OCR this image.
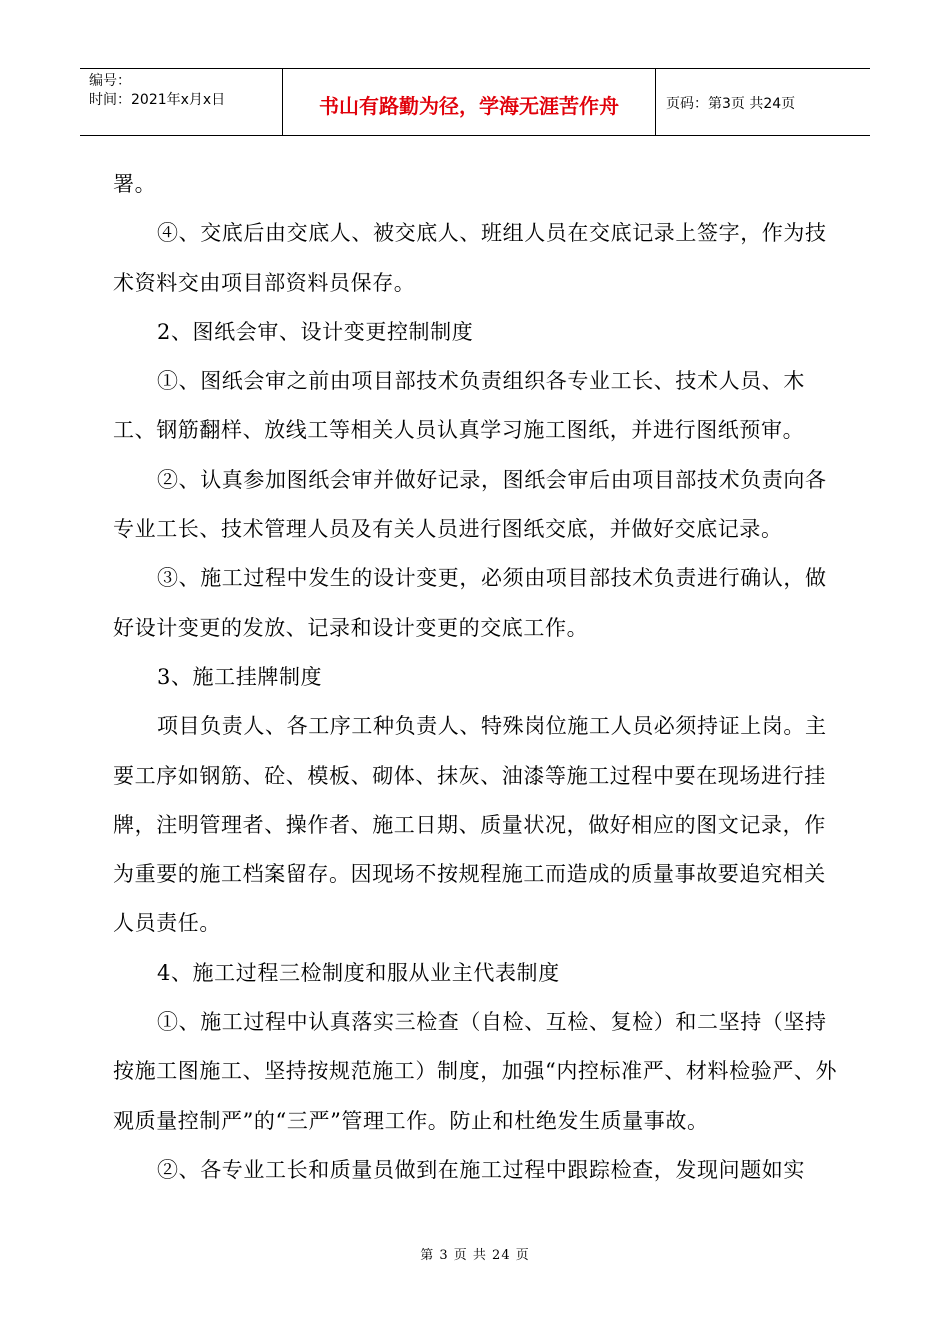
编号：
时间：2021年x月x日	书山有路勤为径，学海无涯苦作舟	页码：第3页 共24页

署。

④、交底后由交底人、被交底人、班组人员在交底记录上签字，作为技术资料交由项目部资料员保存。

2、图纸会审、设计变更控制制度

①、图纸会审之前由项目部技术负责组织各专业工长、技术人员、木工、钢筋翻样、放线工等相关人员认真学习施工图纸，并进行图纸预审。

②、认真参加图纸会审并做好记录，图纸会审后由项目部技术负责向各专业工长、技术管理人员及有关人员进行图纸交底，并做好交底记录。

③、施工过程中发生的设计变更，必须由项目部技术负责进行确认，做好设计变更的发放、记录和设计变更的交底工作。

3、施工挂牌制度

项目负责人、各工序工种负责人、特殊岗位施工人员必须持证上岗。主要工序如钢筋、砼、模板、砌体、抹灰、油漆等施工过程中要在现场进行挂牌，注明管理者、操作者、施工日期、质量状况，做好相应的图文记录，作为重要的施工档案留存。因现场不按规程施工而造成的质量事故要追究相关人员责任。

4、施工过程三检制度和服从业主代表制度

①、施工过程中认真落实三检查（自检、互检、复检）和二坚持（坚持按施工图施工、坚持按规范施工）制度，加强“内控标准严、材料检验严、外观质量控制严”的“三严”管理工作。防止和杜绝发生质量事故。

②、各专业工长和质量员做到在施工过程中跟踪检查，发现问题如实

第 3 页 共 24 页
